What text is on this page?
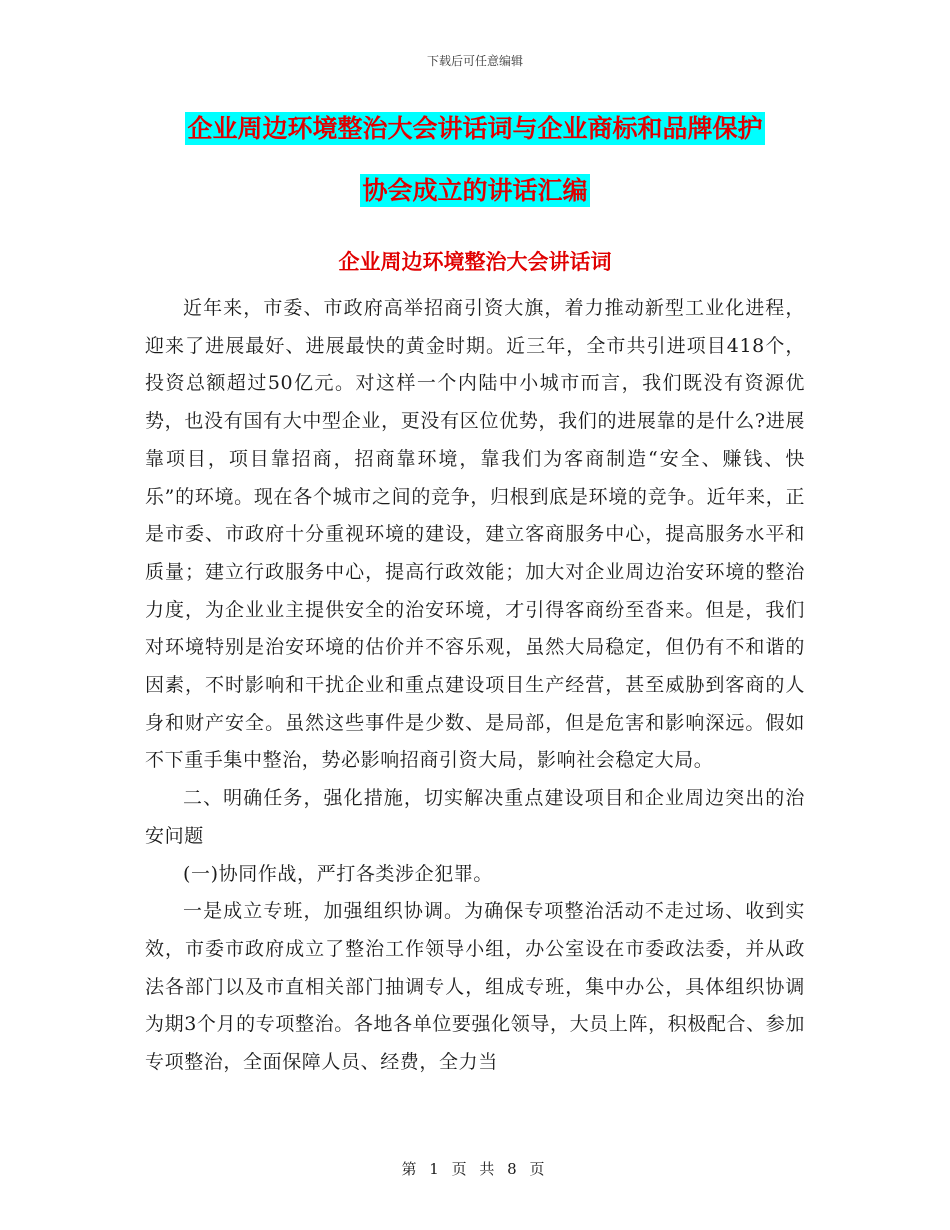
下载后可任意编辑
企业周边环境整治大会讲话词与企业商标和品牌保护
协会成立的讲话汇编
企业周边环境整治大会讲话词

近年来，市委、市政府高举招商引资大旗，着力推动新型工业化进程，迎来了进展最好、进展最快的黄金时期。近三年，全市共引进项目418个，投资总额超过50亿元。对这样一个内陆中小城市而言，我们既没有资源优势，也没有国有大中型企业，更没有区位优势，我们的进展靠的是什么?进展靠项目，项目靠招商，招商靠环境，靠我们为客商制造“安全、赚钱、快乐”的环境。现在各个城市之间的竞争，归根到底是环境的竞争。近年来，正是市委、市政府十分重视环境的建设，建立客商服务中心，提高服务水平和质量；建立行政服务中心，提高行政效能；加大对企业周边治安环境的整治力度，为企业业主提供安全的治安环境，才引得客商纷至沓来。但是，我们对环境特别是治安环境的估价并不容乐观，虽然大局稳定，但仍有不和谐的因素，不时影响和干扰企业和重点建设项目生产经营，甚至威胁到客商的人身和财产安全。虽然这些事件是少数、是局部，但是危害和影响深远。假如不下重手集中整治，势必影响招商引资大局，影响社会稳定大局。

二、明确任务，强化措施，切实解决重点建设项目和企业周边突出的治安问题

(一)协同作战，严打各类涉企犯罪。

一是成立专班，加强组织协调。为确保专项整治活动不走过场、收到实效，市委市政府成立了整治工作领导小组，办公室设在市委政法委，并从政法各部门以及市直相关部门抽调专人，组成专班，集中办公，具体组织协调为期3个月的专项整治。各地各单位要强化领导，大员上阵，积极配合、参加专项整治，全面保障人员、经费，全力当

第 1 页 共 8 页
